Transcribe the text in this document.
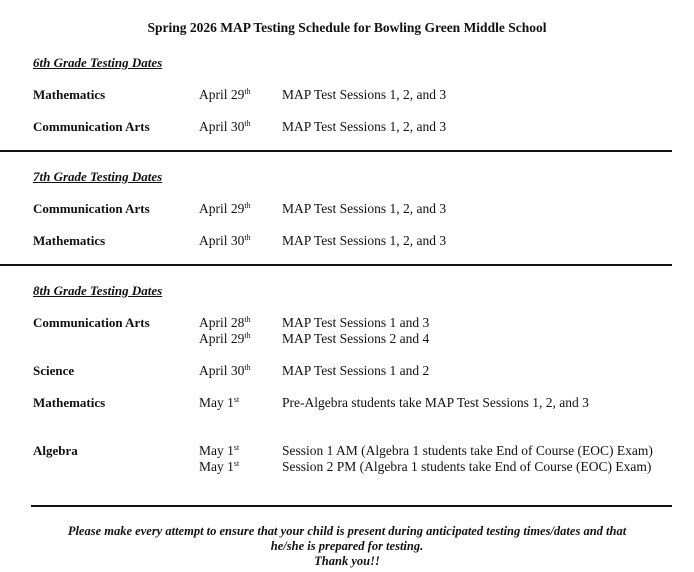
Spring 2026 MAP Testing Schedule for Bowling Green Middle School
6th Grade Testing Dates
Mathematics	April 29th MAP Test Sessions 1, 2, and 3
Communication Arts	April 30th MAP Test Sessions 1, 2, and 3
7th Grade Testing Dates
Communication Arts	April 29th MAP Test Sessions 1, 2, and 3
Mathematics	April 30th MAP Test Sessions 1, 2, and 3
8th Grade Testing Dates
Communication Arts	April 28th MAP Test Sessions 1 and 3
April 29th MAP Test Sessions 2 and 4
Science	April 30th MAP Test Sessions 1 and 2
Mathematics	May 1st	Pre-Algebra students take MAP Test Sessions 1, 2, and 3
Algebra	May 1st	Session 1 AM (Algebra 1 students take End of Course (EOC) Exam)
May 1st	Session 2 PM (Algebra 1 students take End of Course (EOC) Exam)
Please make every attempt to ensure that your child is present during anticipated testing times/dates and that
he/she is prepared for testing.
Thank you!!
